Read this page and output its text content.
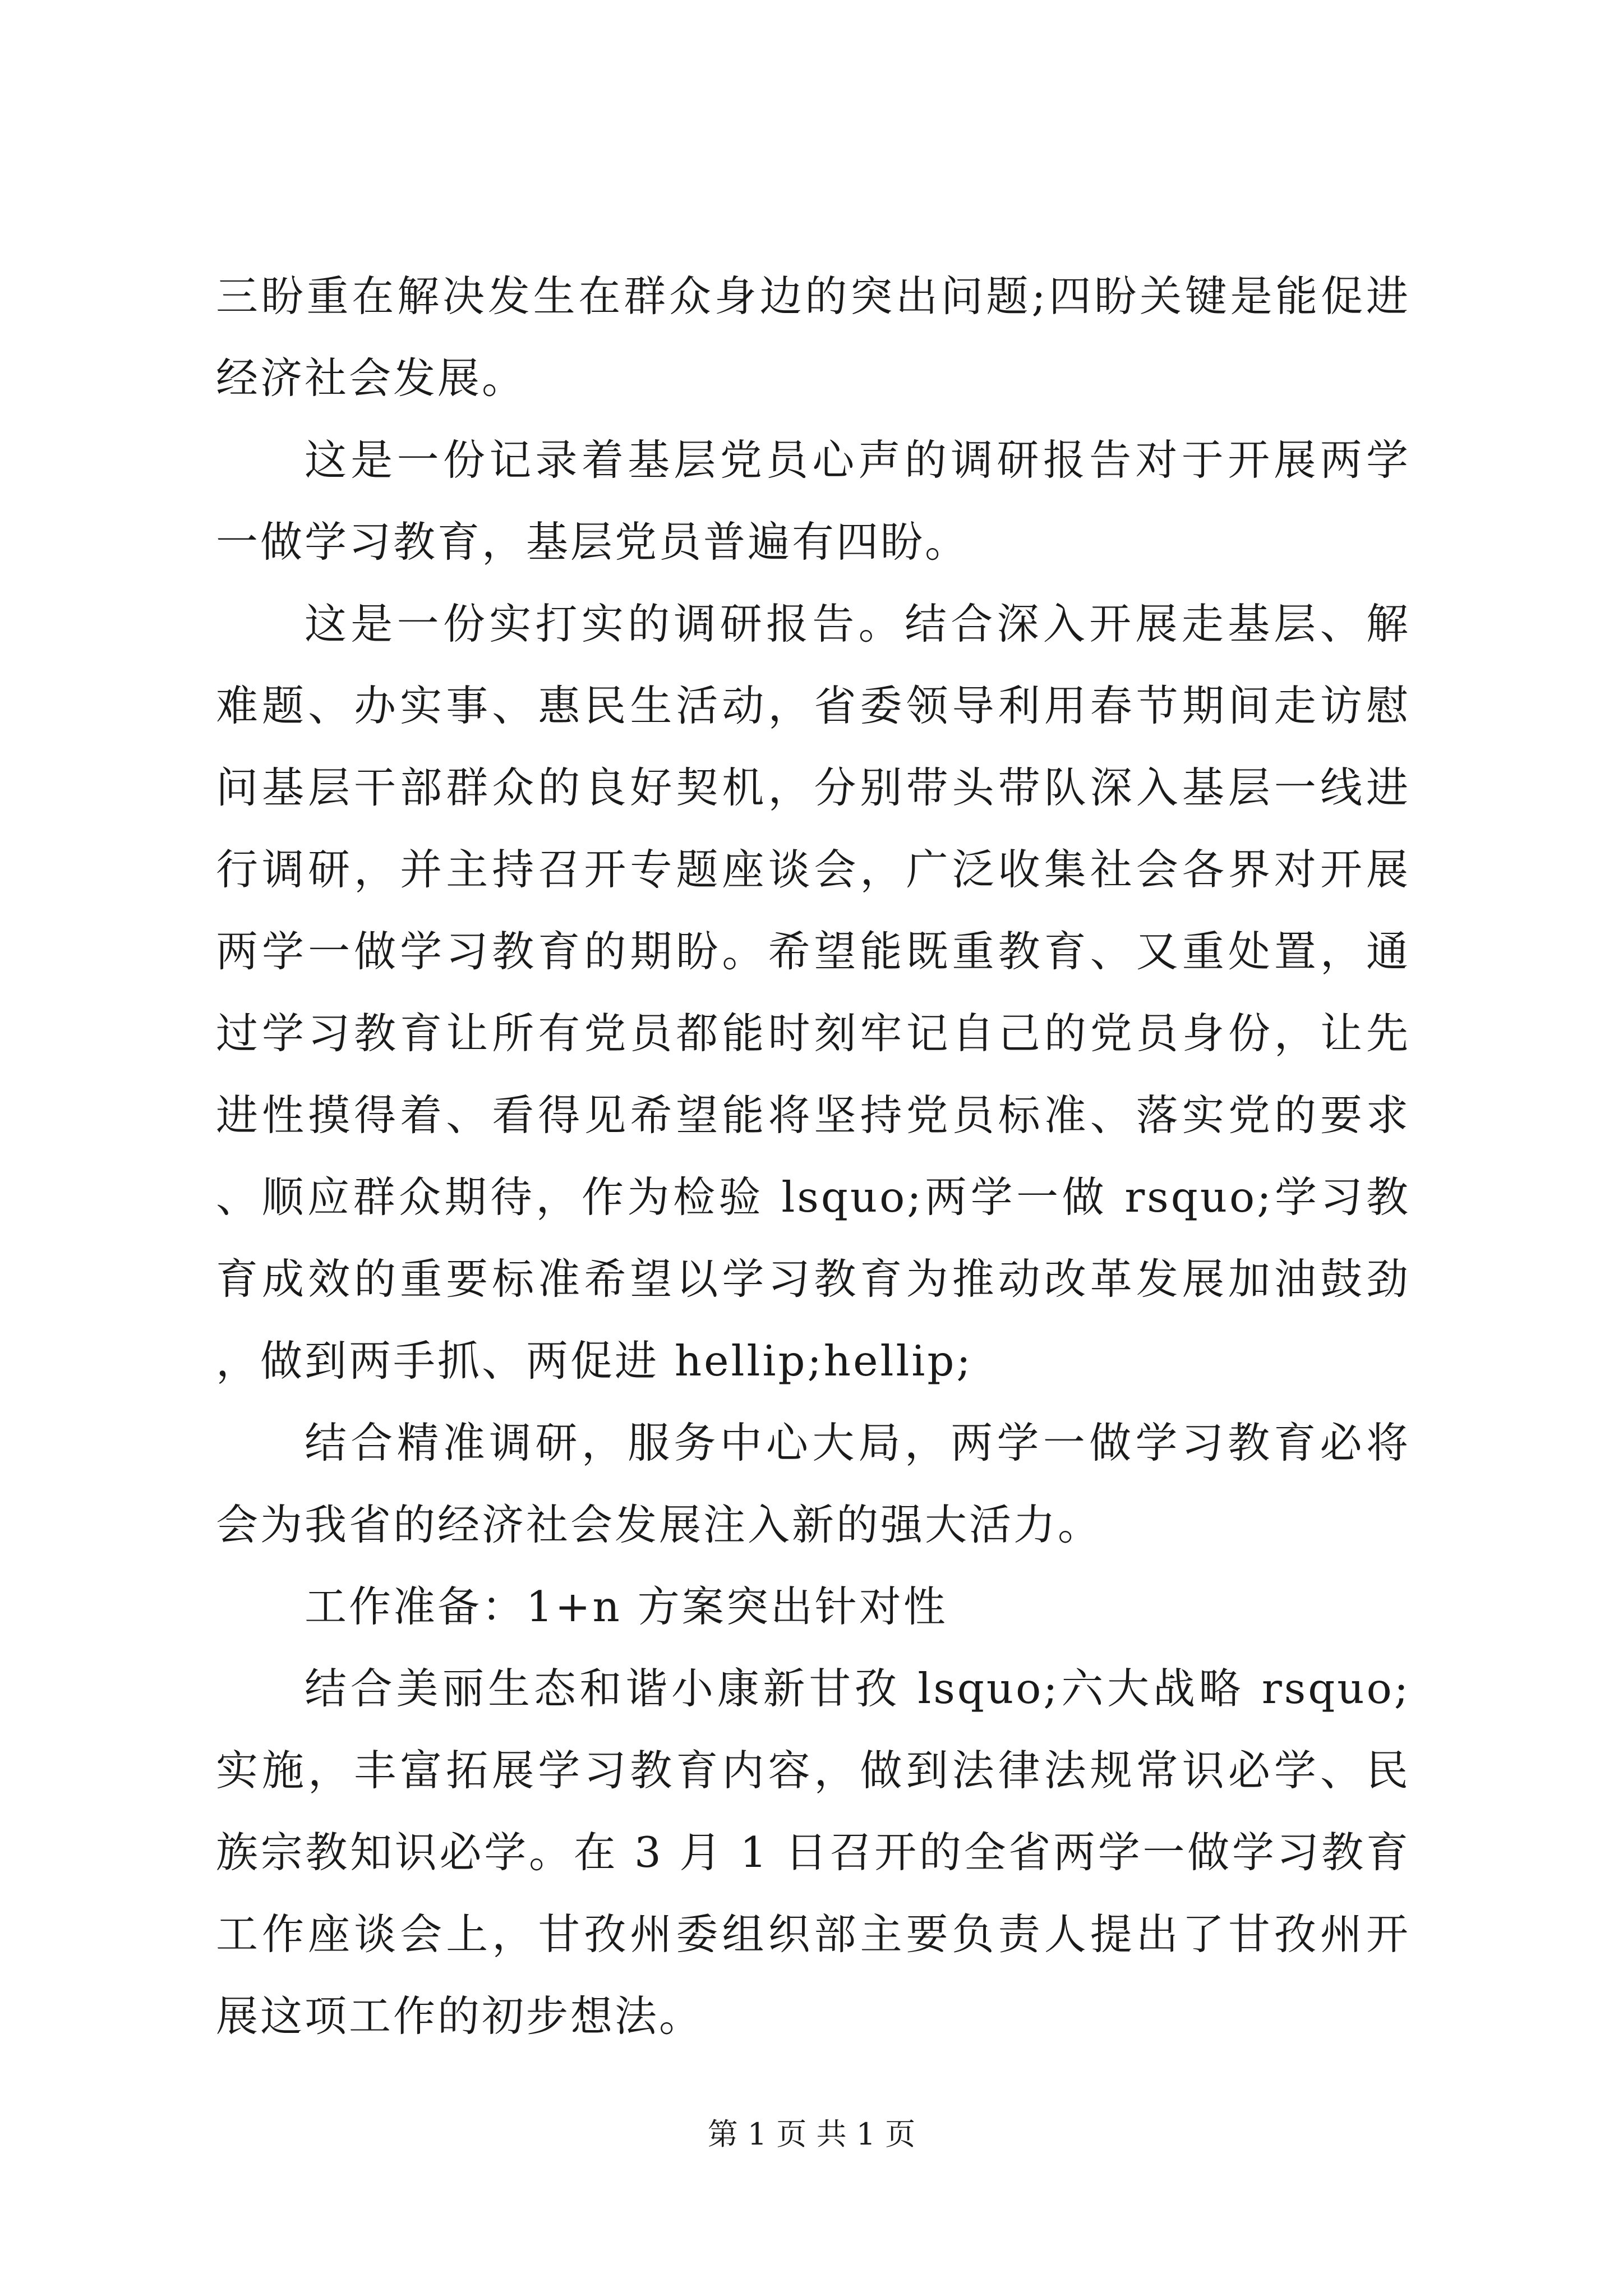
三盼重在解决发生在群众身边的突出问题;四盼关键是能促进经济社会发展。

这是一份记录着基层党员心声的调研报告对于开展两学一做学习教育，基层党员普遍有四盼。

这是一份实打实的调研报告。结合深入开展走基层、解难题、办实事、惠民生活动，省委领导利用春节期间走访慰问基层干部群众的良好契机，分别带头带队深入基层一线进行调研，并主持召开专题座谈会，广泛收集社会各界对开展两学一做学习教育的期盼。希望能既重教育、又重处置，通过学习教育让所有党员都能时刻牢记自己的党员身份，让先进性摸得着、看得见希望能将坚持党员标准、落实党的要求、顺应群众期待，作为检验 lsquo;两学一做 rsquo;学习教育成效的重要标准希望以学习教育为推动改革发展加油鼓劲，做到两手抓、两促进 hellip;hellip;

结合精准调研，服务中心大局，两学一做学习教育必将会为我省的经济社会发展注入新的强大活力。

工作准备：1+n 方案突出针对性

结合美丽生态和谐小康新甘孜 lsquo;六大战略 rsquo;实施，丰富拓展学习教育内容，做到法律法规常识必学、民族宗教知识必学。在 3 月 1 日召开的全省两学一做学习教育工作座谈会上，甘孜州委组织部主要负责人提出了甘孜州开展这项工作的初步想法。

第 1 页 共 1 页
